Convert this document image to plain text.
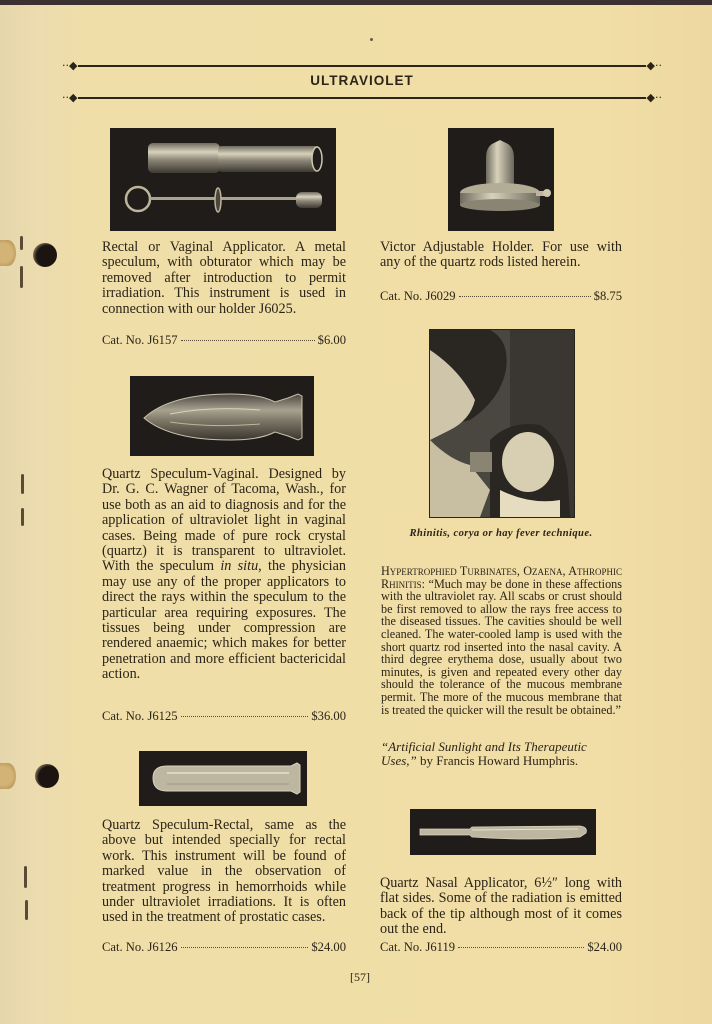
··◆	◆··
ULTRAVIOLET
··◆	◆··
Rectal or Vaginal Applicator. A metal speculum, with obturator which may be removed after introduction to permit irradiation. This instrument is used in connection with our holder J6025.
Cat. No.
J6157	$6.00
Victor Adjustable Holder. For use with any of the quartz rods listed herein.
Cat. No.
J6029	$8.75
Rhinitis, corya or hay fever technique.
Hypertrophied Turbinates, Ozaena, Athrophic Rhinitis: “Much may be done in these affections with the ultraviolet ray. All scabs or crust should be first removed to allow the rays free access to the diseased tissues. The cavities should be well cleaned. The water-cooled lamp is used with the short quartz rod inserted into the nasal cavity. A third degree erythema dose, usually about two minutes, is given and repeated every other day should the tolerance of the mucous membrane permit. The more of the mucous membrane that is treated the quicker will the result be obtained.”
“Artificial Sunlight and Its Therapeutic Uses,” by Francis Howard Humphris.
Quartz Speculum-Vaginal. Designed by Dr. G. C. Wagner of Tacoma, Wash., for use both as an aid to diagnosis and for the application of ultraviolet light in vaginal cases. Being made of pure rock crystal (quartz) it is transparent to ultraviolet. With the speculum in situ, the physician may use any of the proper applicators to direct the rays within the speculum to the particular area requiring exposures. The tissues being under compression are rendered anaemic; which makes for better penetration and more efficient bactericidal action.
Cat. No.
J6125	$36.00
Quartz Speculum-Rectal, same as the above but intended specially for rectal work. This instrument will be found of marked value in the observation of treatment progress in hemorrhoids while under ultraviolet irradiations. It is often used in the treatment of prostatic cases.
Cat. No.
J6126	$24.00
Quartz Nasal Applicator, 6½″ long with flat sides. Some of the radiation is emitted back of the tip although most of it comes out the end.
Cat. No.
J6119	$24.00
[57]
